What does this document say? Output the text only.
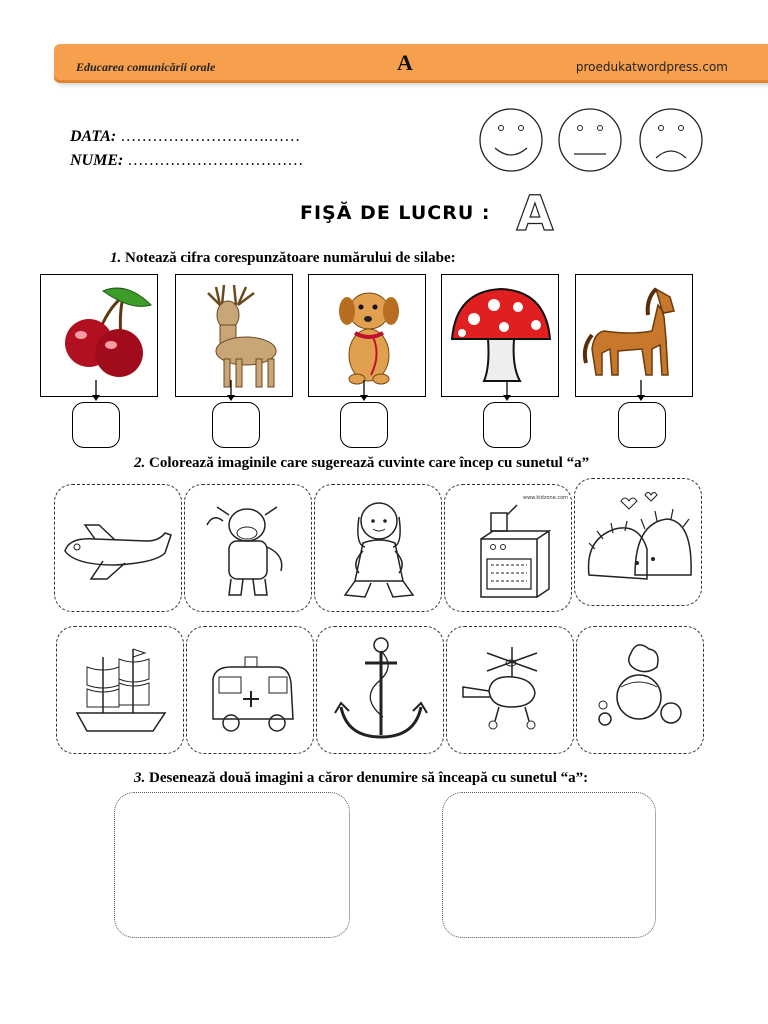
Educarea comunicării orale	A	proedukatwordpress.com
DATA: ……………………….……
NUME: ……………………………
FIŞĂ DE LUCRU : A
1. Notează cifra corespunzătoare numărului de silabe:
2. Colorează imaginile care sugerează cuvinte care încep cu sunetul “a”
www.kidzone.com
3. Desenează două imagini a căror denumire să înceapă cu sunetul “a”:
